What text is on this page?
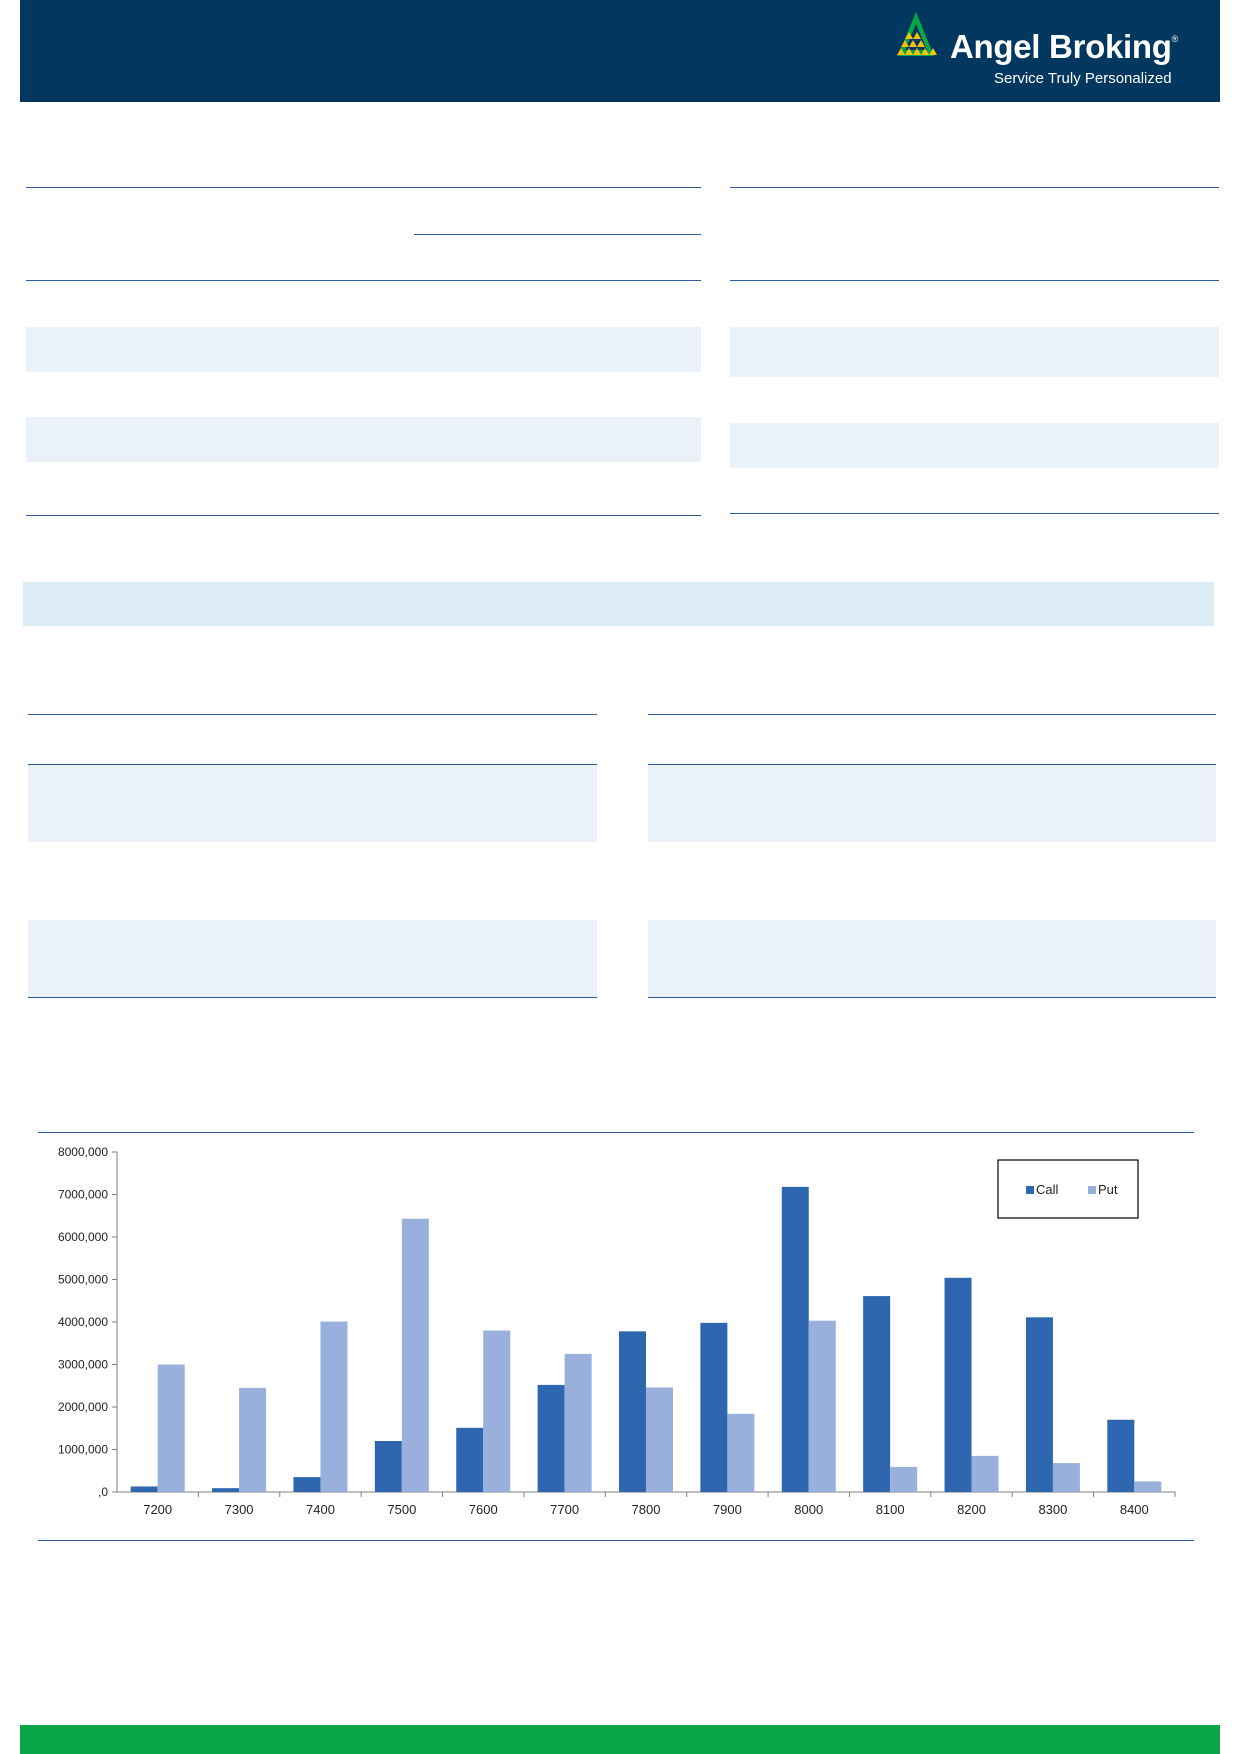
Angel Broking®
Service Truly Personalized
8000,000
7000,000
6000,000
5000,000
4000,000
3000,000
2000,000
1000,000
,0
7200	7300	7400	7500	7600	7700	7800	7900	8000	8100	8200	8300	8400
Call	Put
